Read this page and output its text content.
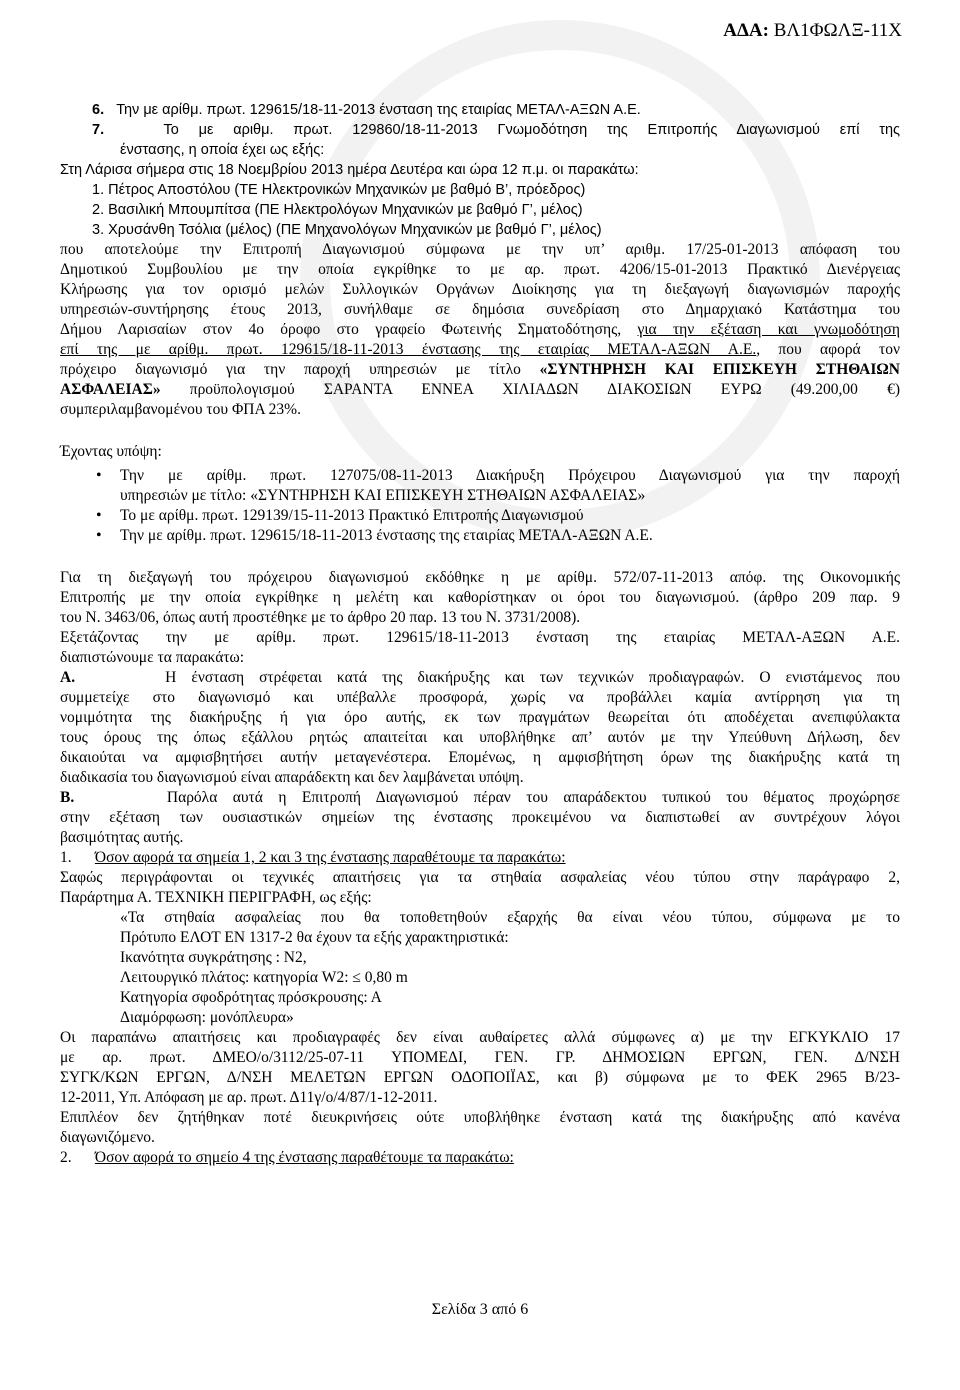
ΑΔΑ: ΒΛ1ΦΩΛΞ-11Χ
6. Την με αρίθμ. πρωτ. 129615/18-11-2013 ένσταση της εταιρίας ΜΕΤΑΛ-ΑΞΩΝ Α.Ε.
7.	Το με αριθμ. πρωτ. 129860/18-11-2013 Γνωμοδότηση της Επιτροπής Διαγωνισμού επί της
ένστασης, η οποία έχει ως εξής:
Στη Λάρισα σήμερα στις 18 Νοεμβρίου 2013 ημέρα Δευτέρα και ώρα 12 π.μ. οι παρακάτω:
1. Πέτρος Αποστόλου (ΤΕ Ηλεκτρονικών Μηχανικών με βαθμό Β’, πρόεδρος)
2. Βασιλική Μπουμπίτσα (ΠΕ Ηλεκτρολόγων Μηχανικών με βαθμό Γ’, μέλος)
3. Χρυσάνθη Τσόλια (μέλος) (ΠΕ Μηχανολόγων Μηχανικών με βαθμό Γ’, μέλος)
που αποτελούμε την Επιτροπή Διαγωνισμού σύμφωνα με την υπ’ αριθμ. 17/25-01-2013 απόφαση του
Δημοτικού Συμβουλίου με την οποία εγκρίθηκε το με αρ. πρωτ. 4206/15-01-2013 Πρακτικό Διενέργειας
Κλήρωσης για τον ορισμό μελών Συλλογικών Οργάνων Διοίκησης για τη διεξαγωγή διαγωνισμών παροχής
υπηρεσιών-συντήρησης έτους 2013, συνήλθαμε σε δημόσια συνεδρίαση στο Δημαρχιακό Κατάστημα του
Δήμου Λαρισαίων στον 4ο όροφο στο γραφείο Φωτεινής Σηματοδότησης, για την εξέταση και γνωμοδότηση
επί της με αρίθμ. πρωτ. 129615/18-11-2013 ένστασης της εταιρίας ΜΕΤΑΛ-ΑΞΩΝ Α.Ε., που αφορά τον
πρόχειρο διαγωνισμό για την παροχή υπηρεσιών με τίτλο «ΣΥΝΤΗΡΗΣΗ ΚΑΙ ΕΠΙΣΚΕΥΗ ΣΤΗΘΑΙΩΝ
ΑΣΦΑΛΕΙΑΣ» προϋπολογισμού ΣΑΡΑΝΤΑ ΕΝΝΕΑ ΧΙΛΙΑΔΩΝ ΔΙΑΚΟΣΙΩΝ ΕΥΡΩ (49.200,00 €)
συμπεριλαμβανομένου του ΦΠΑ 23%.
Έχοντας υπόψη:
• Την με αρίθμ. πρωτ. 127075/08-11-2013 Διακήρυξη Πρόχειρου Διαγωνισμού για την παροχή
υπηρεσιών με τίτλο: «ΣΥΝΤΗΡΗΣΗ ΚΑΙ ΕΠΙΣΚΕΥΗ ΣΤΗΘΑΙΩΝ ΑΣΦΑΛΕΙΑΣ»
• Το με αρίθμ. πρωτ. 129139/15-11-2013 Πρακτικό Επιτροπής Διαγωνισμού
• Την με αρίθμ. πρωτ. 129615/18-11-2013 ένστασης της εταιρίας ΜΕΤΑΛ-ΑΞΩΝ Α.Ε.
Για τη διεξαγωγή του πρόχειρου διαγωνισμού εκδόθηκε η με αρίθμ. 572/07-11-2013 απόφ. της Οικονομικής
Επιτροπής με την οποία εγκρίθηκε η μελέτη και καθορίστηκαν οι όροι του διαγωνισμού. (άρθρο 209 παρ. 9
του Ν. 3463/06, όπως αυτή προστέθηκε με το άρθρο 20 παρ. 13 του Ν. 3731/2008).
Εξετάζοντας την με αρίθμ. πρωτ. 129615/18-11-2013 ένσταση της εταιρίας ΜΕΤΑΛ-ΑΞΩΝ Α.Ε.
διαπιστώνουμε τα παρακάτω:
Α.	Η ένσταση στρέφεται κατά της διακήρυξης και των τεχνικών προδιαγραφών. Ο ενιστάμενος που
συμμετείχε στο διαγωνισμό και υπέβαλλε προσφορά, χωρίς να προβάλλει καμία αντίρρηση για τη
νομιμότητα της διακήρυξης ή για όρο αυτής, εκ των πραγμάτων θεωρείται ότι αποδέχεται ανεπιφύλακτα
τους όρους της όπως εξάλλου ρητώς απαιτείται και υποβλήθηκε απ’ αυτόν με την Υπεύθυνη Δήλωση, δεν
δικαιούται να αμφισβητήσει αυτήν μεταγενέστερα. Επομένως, η αμφισβήτηση όρων της διακήρυξης κατά τη
διαδικασία του διαγωνισμού είναι απαράδεκτη και δεν λαμβάνεται υπόψη.
Β.	Παρόλα αυτά η Επιτροπή Διαγωνισμού πέραν του απαράδεκτου τυπικού του θέματος προχώρησε
στην εξέταση των ουσιαστικών σημείων της ένστασης προκειμένου να διαπιστωθεί αν συντρέχουν λόγοι
βασιμότητας αυτής.
1. Όσον αφορά τα σημεία 1, 2 και 3 της ένστασης παραθέτουμε τα παρακάτω:
Σαφώς περιγράφονται οι τεχνικές απαιτήσεις για τα στηθαία ασφαλείας νέου τύπου στην παράγραφο 2,
Παράρτημα Α. ΤΕΧΝΙΚΗ ΠΕΡΙΓΡΑΦΗ, ως εξής:
«Τα στηθαία ασφαλείας που θα τοποθετηθούν εξαρχής θα είναι νέου τύπου, σύμφωνα με το
Πρότυπο ΕΛΟΤ ΕΝ 1317-2 θα έχουν τα εξής χαρακτηριστικά:
Ικανότητα συγκράτησης : Ν2,
Λειτουργικό πλάτος: κατηγορία W2: ≤ 0,80 m
Κατηγορία σφοδρότητας πρόσκρουσης: Α
Διαμόρφωση: μονόπλευρα»
Οι παραπάνω απαιτήσεις και προδιαγραφές δεν είναι αυθαίρετες αλλά σύμφωνες α) με την ΕΓΚΥΚΛΙΟ 17
με αρ. πρωτ. ΔΜΕΟ/ο/3112/25-07-11 ΥΠΟΜΕΔΙ, ΓΕΝ. ΓΡ. ΔΗΜΟΣΙΩΝ ΕΡΓΩΝ, ΓΕΝ. Δ/ΝΣΗ
ΣΥΓΚ/ΚΩΝ ΕΡΓΩΝ, Δ/ΝΣΗ ΜΕΛΕΤΩΝ ΕΡΓΩΝ ΟΔΟΠΟΙΪΑΣ, και β) σύμφωνα με το ΦΕΚ 2965 Β/23-
12-2011, Υπ. Απόφαση με αρ. πρωτ. Δ11γ/ο/4/87/1-12-2011.
Επιπλέον δεν ζητήθηκαν ποτέ διευκρινήσεις ούτε υποβλήθηκε ένσταση κατά της διακήρυξης από κανένα
διαγωνιζόμενο.
2. Όσον αφορά το σημείο 4 της ένστασης παραθέτουμε τα παρακάτω:
Σελίδα 3 από 6
